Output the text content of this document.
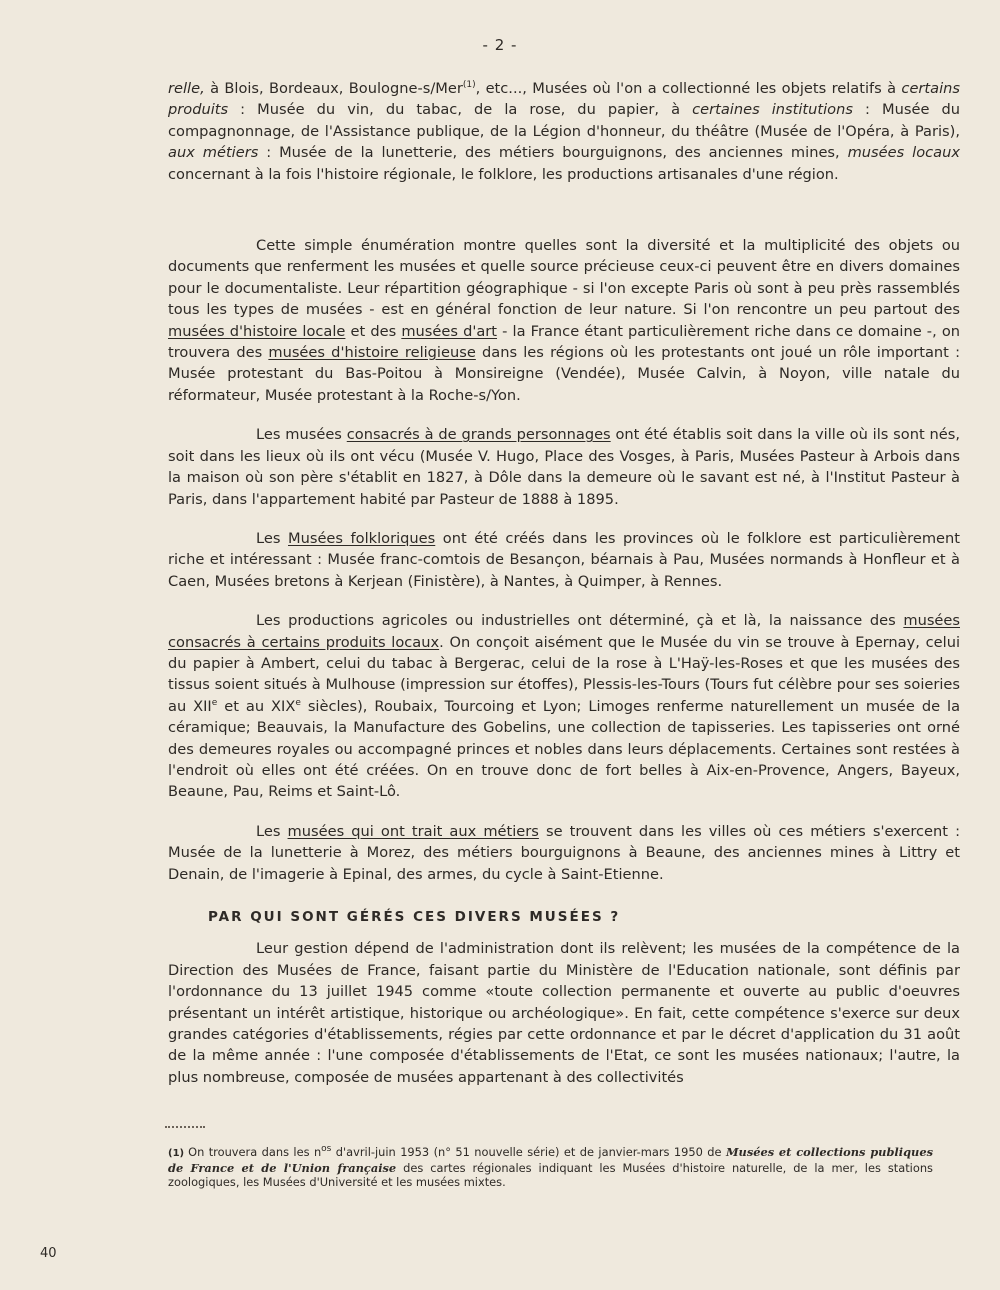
- 2 -

relle, à Blois, Bordeaux, Boulogne-s/Mer$^{(1)}$, etc..., Musées où l'on a collectionné les objets relatifs à certains produits : Musée du vin, du tabac, de la rose, du papier, à certaines institutions : Musée du compagnonnage, de l'Assistance publique, de la Légion d'honneur, du théâtre (Musée de l'Opéra, à Paris), aux métiers : Musée de la lunetterie, des métiers bourguignons, des anciennes mines, musées locaux concernant à la fois l'histoire régionale, le folklore, les productions artisanales d'une région.

Cette simple énumération montre quelles sont la diversité et la multiplicité des objets ou documents que renferment les musées et quelle source précieuse ceux-ci peuvent être en divers domaines pour le documentaliste. Leur répartition géographique - si l'on excepte Paris où sont à peu près rassemblés tous les types de musées - est en général fonction de leur nature. Si l'on rencontre un peu partout des musées d'histoire locale et des musées d'art - la France étant particulièrement riche dans ce domaine -, on trouvera des musées d'histoire religieuse dans les régions où les protestants ont joué un rôle important : Musée protestant du Bas-Poitou à Monsireigne (Vendée), Musée Calvin, à Noyon, ville natale du réformateur, Musée protestant à la Roche-s/Yon.

Les musées consacrés à de grands personnages ont été établis soit dans la ville où ils sont nés, soit dans les lieux où ils ont vécu (Musée V. Hugo, Place des Vosges, à Paris, Musées Pasteur à Arbois dans la maison où son père s'établit en 1827, à Dôle dans la demeure où le savant est né, à l'Institut Pasteur à Paris, dans l'appartement habité par Pasteur de 1888 à 1895.

Les Musées folkloriques ont été créés dans les provinces où le folklore est particulièrement riche et intéressant : Musée franc-comtois de Besançon, béarnais à Pau, Musées normands à Honfleur et à Caen, Musées bretons à Kerjean (Finistère), à Nantes, à Quimper, à Rennes.

Les productions agricoles ou industrielles ont déterminé, çà et là, la naissance des musées consacrés à certains produits locaux. On conçoit aisément que le Musée du vin se trouve à Epernay, celui du papier à Ambert, celui du tabac à Bergerac, celui de la rose à L'Haÿ-les-Roses et que les musées des tissus soient situés à Mulhouse (impression sur étoffes), Plessis-les-Tours (Tours fut célèbre pour ses soieries au XIIe et au XIXe siècles), Roubaix, Tourcoing et Lyon; Limoges renferme naturellement un musée de la céramique; Beauvais, la Manufacture des Gobelins, une collection de tapisseries. Les tapisseries ont orné des demeures royales ou accompagné princes et nobles dans leurs déplacements. Certaines sont restées à l'endroit où elles ont été créées. On en trouve donc de fort belles à Aix-en-Provence, Angers, Bayeux, Beaune, Pau, Reims et Saint-Lô.

Les musées qui ont trait aux métiers se trouvent dans les villes où ces métiers s'exercent : Musée de la lunetterie à Morez, des métiers bourguignons à Beaune, des anciennes mines à Littry et Denain, de l'imagerie à Epinal, des armes, du cycle à Saint-Etienne.

PAR QUI SONT GÉRÉS CES DIVERS MUSÉES ?

Leur gestion dépend de l'administration dont ils relèvent; les musées de la compétence de la Direction des Musées de France, faisant partie du Ministère de l'Education nationale, sont définis par l'ordonnance du 13 juillet 1945 comme «toute collection permanente et ouverte au public d'oeuvres présentant un intérêt artistique, historique ou archéologique». En fait, cette compétence s'exerce sur deux grandes catégories d'établissements, régies par cette ordonnance et par le décret d'application du 31 août de la même année : l'une composée d'établissements de l'Etat, ce sont les musées nationaux; l'autre, la plus nombreuse, composée de musées appartenant à des collectivités

(1) On trouvera dans les $n^{os}$ d'avril-juin 1953 (n° 51 nouvelle série) et de janvier-mars 1950 de Musées et collections publiques de France et de l'Union française des cartes régionales indiquant les Musées d'histoire naturelle, de la mer, les stations zoologiques, les Musées d'Université et les musées mixtes.
40
